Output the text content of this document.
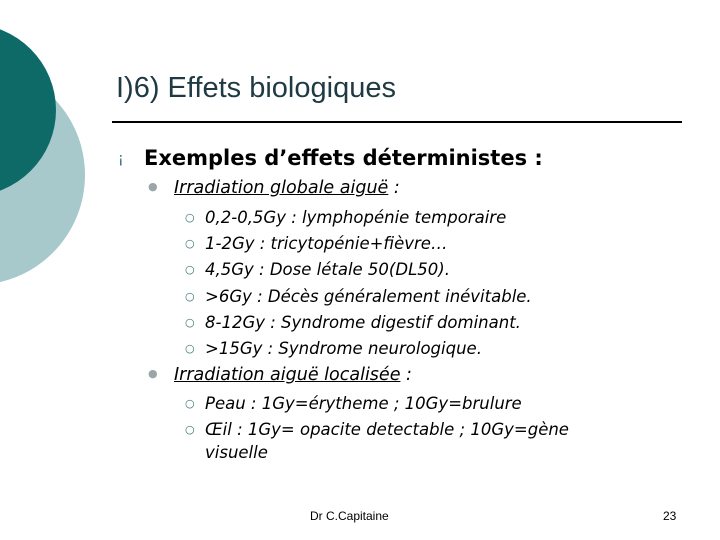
I)6) Effets biologiques
¡ Exemples d’effets déterministes :
● Irradiation globale aiguë :
○ 0,2-0,5Gy : lymphopénie temporaire
○ 1-2Gy : tricytopénie+fièvre…
○ 4,5Gy : Dose létale 50(DL50).
○ >6Gy : Décès généralement inévitable.
○ 8-12Gy : Syndrome digestif dominant.
○ >15Gy : Syndrome neurologique.
● Irradiation aiguë localisée :
○ Peau : 1Gy=érytheme ; 10Gy=brulure
○ Œil : 1Gy= opacite detectable ; 10Gy=gène
visuelle
Dr C.Capitaine	23
